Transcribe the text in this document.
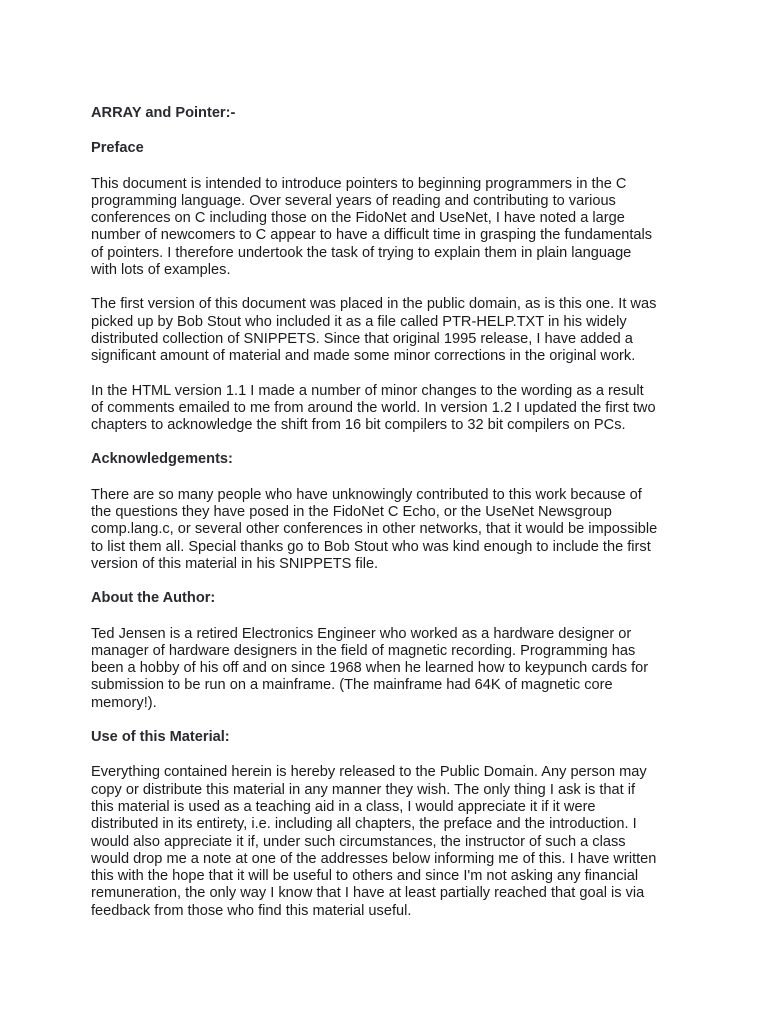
ARRAY and Pointer:-
Preface
This document is intended to introduce pointers to beginning programmers in the C
programming language. Over several years of reading and contributing to various
conferences on C including those on the FidoNet and UseNet, I have noted a large
number of newcomers to C appear to have a difficult time in grasping the fundamentals
of pointers. I therefore undertook the task of trying to explain them in plain language
with lots of examples.
The first version of this document was placed in the public domain, as is this one. It was
picked up by Bob Stout who included it as a file called PTR-HELP.TXT in his widely
distributed collection of SNIPPETS. Since that original 1995 release, I have added a
significant amount of material and made some minor corrections in the original work.
In the HTML version 1.1 I made a number of minor changes to the wording as a result
of comments emailed to me from around the world. In version 1.2 I updated the first two
chapters to acknowledge the shift from 16 bit compilers to 32 bit compilers on PCs.
Acknowledgements:
There are so many people who have unknowingly contributed to this work because of
the questions they have posed in the FidoNet C Echo, or the UseNet Newsgroup
comp.lang.c, or several other conferences in other networks, that it would be impossible
to list them all. Special thanks go to Bob Stout who was kind enough to include the first
version of this material in his SNIPPETS file.
About the Author:
Ted Jensen is a retired Electronics Engineer who worked as a hardware designer or
manager of hardware designers in the field of magnetic recording. Programming has
been a hobby of his off and on since 1968 when he learned how to keypunch cards for
submission to be run on a mainframe. (The mainframe had 64K of magnetic core
memory!).
Use of this Material:
Everything contained herein is hereby released to the Public Domain. Any person may
copy or distribute this material in any manner they wish. The only thing I ask is that if
this material is used as a teaching aid in a class, I would appreciate it if it were
distributed in its entirety, i.e. including all chapters, the preface and the introduction. I
would also appreciate it if, under such circumstances, the instructor of such a class
would drop me a note at one of the addresses below informing me of this. I have written
this with the hope that it will be useful to others and since I'm not asking any financial
remuneration, the only way I know that I have at least partially reached that goal is via
feedback from those who find this material useful.
